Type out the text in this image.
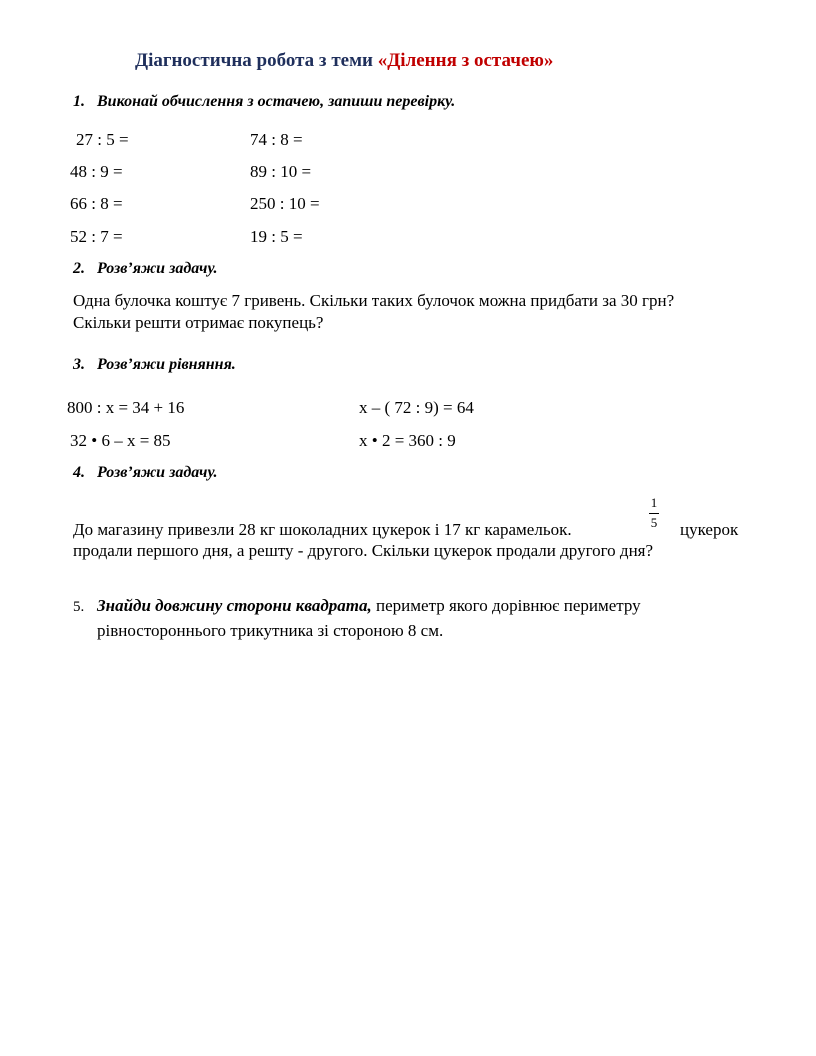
Діагностична робота з теми «Ділення з остачею»
1. Виконай обчислення з остачею, запиши перевірку.
27 : 5 =
48 : 9 =
66 : 8 =
52 : 7 =
74 : 8 =
89 : 10 =
250 : 10 =
19 : 5 =
2. Розв’яжи задачу.
Одна булочка коштує 7 гривень. Скільки таких булочок можна придбати за 30 грн?
Скільки решти отримає покупець?
3. Розв’яжи рівняння.
800 : х = 34 + 16
32 • 6 – х = 85
х – ( 72 : 9) = 64
х • 2 = 360 : 9
4. Розв’яжи задачу.
До магазину привезли 28 кг шоколадних цукерок і 17 кг карамельок.
1
5 цукерок
продали першого дня, а решту - другого. Скільки цукерок продали другого дня?
5. Знайди довжину сторони квадрата, периметр якого дорівнює периметру
рівностороннього трикутника зі стороною 8 см.
